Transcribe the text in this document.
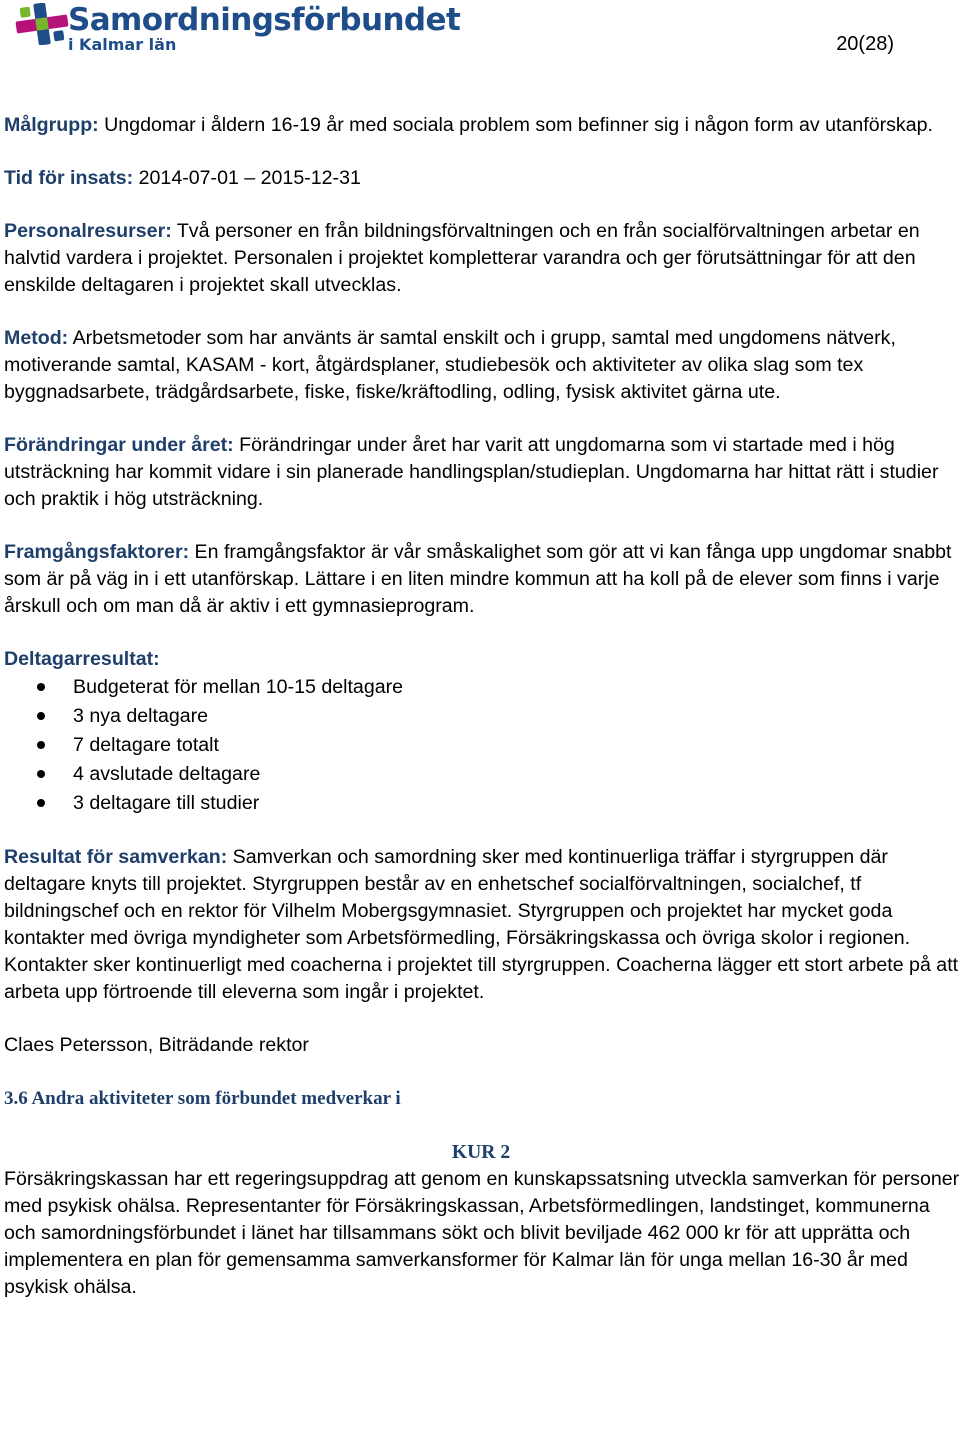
Samordningsförbundet
i Kalmar län	20(28)

Målgrupp: Ungdomar i åldern 16-19 år med sociala problem som befinner sig i någon form av utanförskap.

Tid för insats: 2014-07-01 – 2015-12-31

Personalresurser: Två personer en från bildningsförvaltningen och en från socialförvaltningen arbetar en halvtid vardera i projektet. Personalen i projektet kompletterar varandra och ger förutsättningar för att den enskilde deltagaren i projektet skall utvecklas.

Metod: Arbetsmetoder som har använts är samtal enskilt och i grupp, samtal med ungdomens nätverk, motiverande samtal, KASAM - kort, åtgärdsplaner, studiebesök och aktiviteter av olika slag som tex byggnadsarbete, trädgårdsarbete, fiske, fiske/kräftodling, odling, fysisk aktivitet gärna ute.

Förändringar under året: Förändringar under året har varit att ungdomarna som vi startade med i hög utsträckning har kommit vidare i sin planerade handlingsplan/studieplan. Ungdomarna har hittat rätt i studier och praktik i hög utsträckning.

Framgångsfaktorer: En framgångsfaktor är vår småskalighet som gör att vi kan fånga upp ungdomar snabbt som är på väg in i ett utanförskap. Lättare i en liten mindre kommun att ha koll på de elever som finns i varje årskull och om man då är aktiv i ett gymnasieprogram.

Deltagarresultat:

Budgeterat för mellan 10-15 deltagare
3 nya deltagare
7 deltagare totalt
4 avslutade deltagare
3 deltagare till studier

Resultat för samverkan: Samverkan och samordning sker med kontinuerliga träffar i styrgruppen där deltagare knyts till projektet. Styrgruppen består av en enhetschef socialförvaltningen, socialchef, tf bildningschef och en rektor för Vilhelm Mobergsgymnasiet. Styrgruppen och projektet har mycket goda kontakter med övriga myndigheter som Arbetsförmedling, Försäkringskassa och övriga skolor i regionen. Kontakter sker kontinuerligt med coacherna i projektet till styrgruppen. Coacherna lägger ett stort arbete på att arbeta upp förtroende till eleverna som ingår i projektet.

Claes Petersson, Biträdande rektor

3.6 Andra aktiviteter som förbundet medverkar i
KUR 2

Försäkringskassan har ett regeringsuppdrag att genom en kunskapssatsning utveckla samverkan för personer med psykisk ohälsa. Representanter för Försäkringskassan, Arbetsförmedlingen, landstinget, kommunerna och samordningsförbundet i länet har tillsammans sökt och blivit beviljade 462 000 kr för att upprätta och implementera en plan för gemensamma samverkansformer för Kalmar län för unga mellan 16-30 år med psykisk ohälsa.
